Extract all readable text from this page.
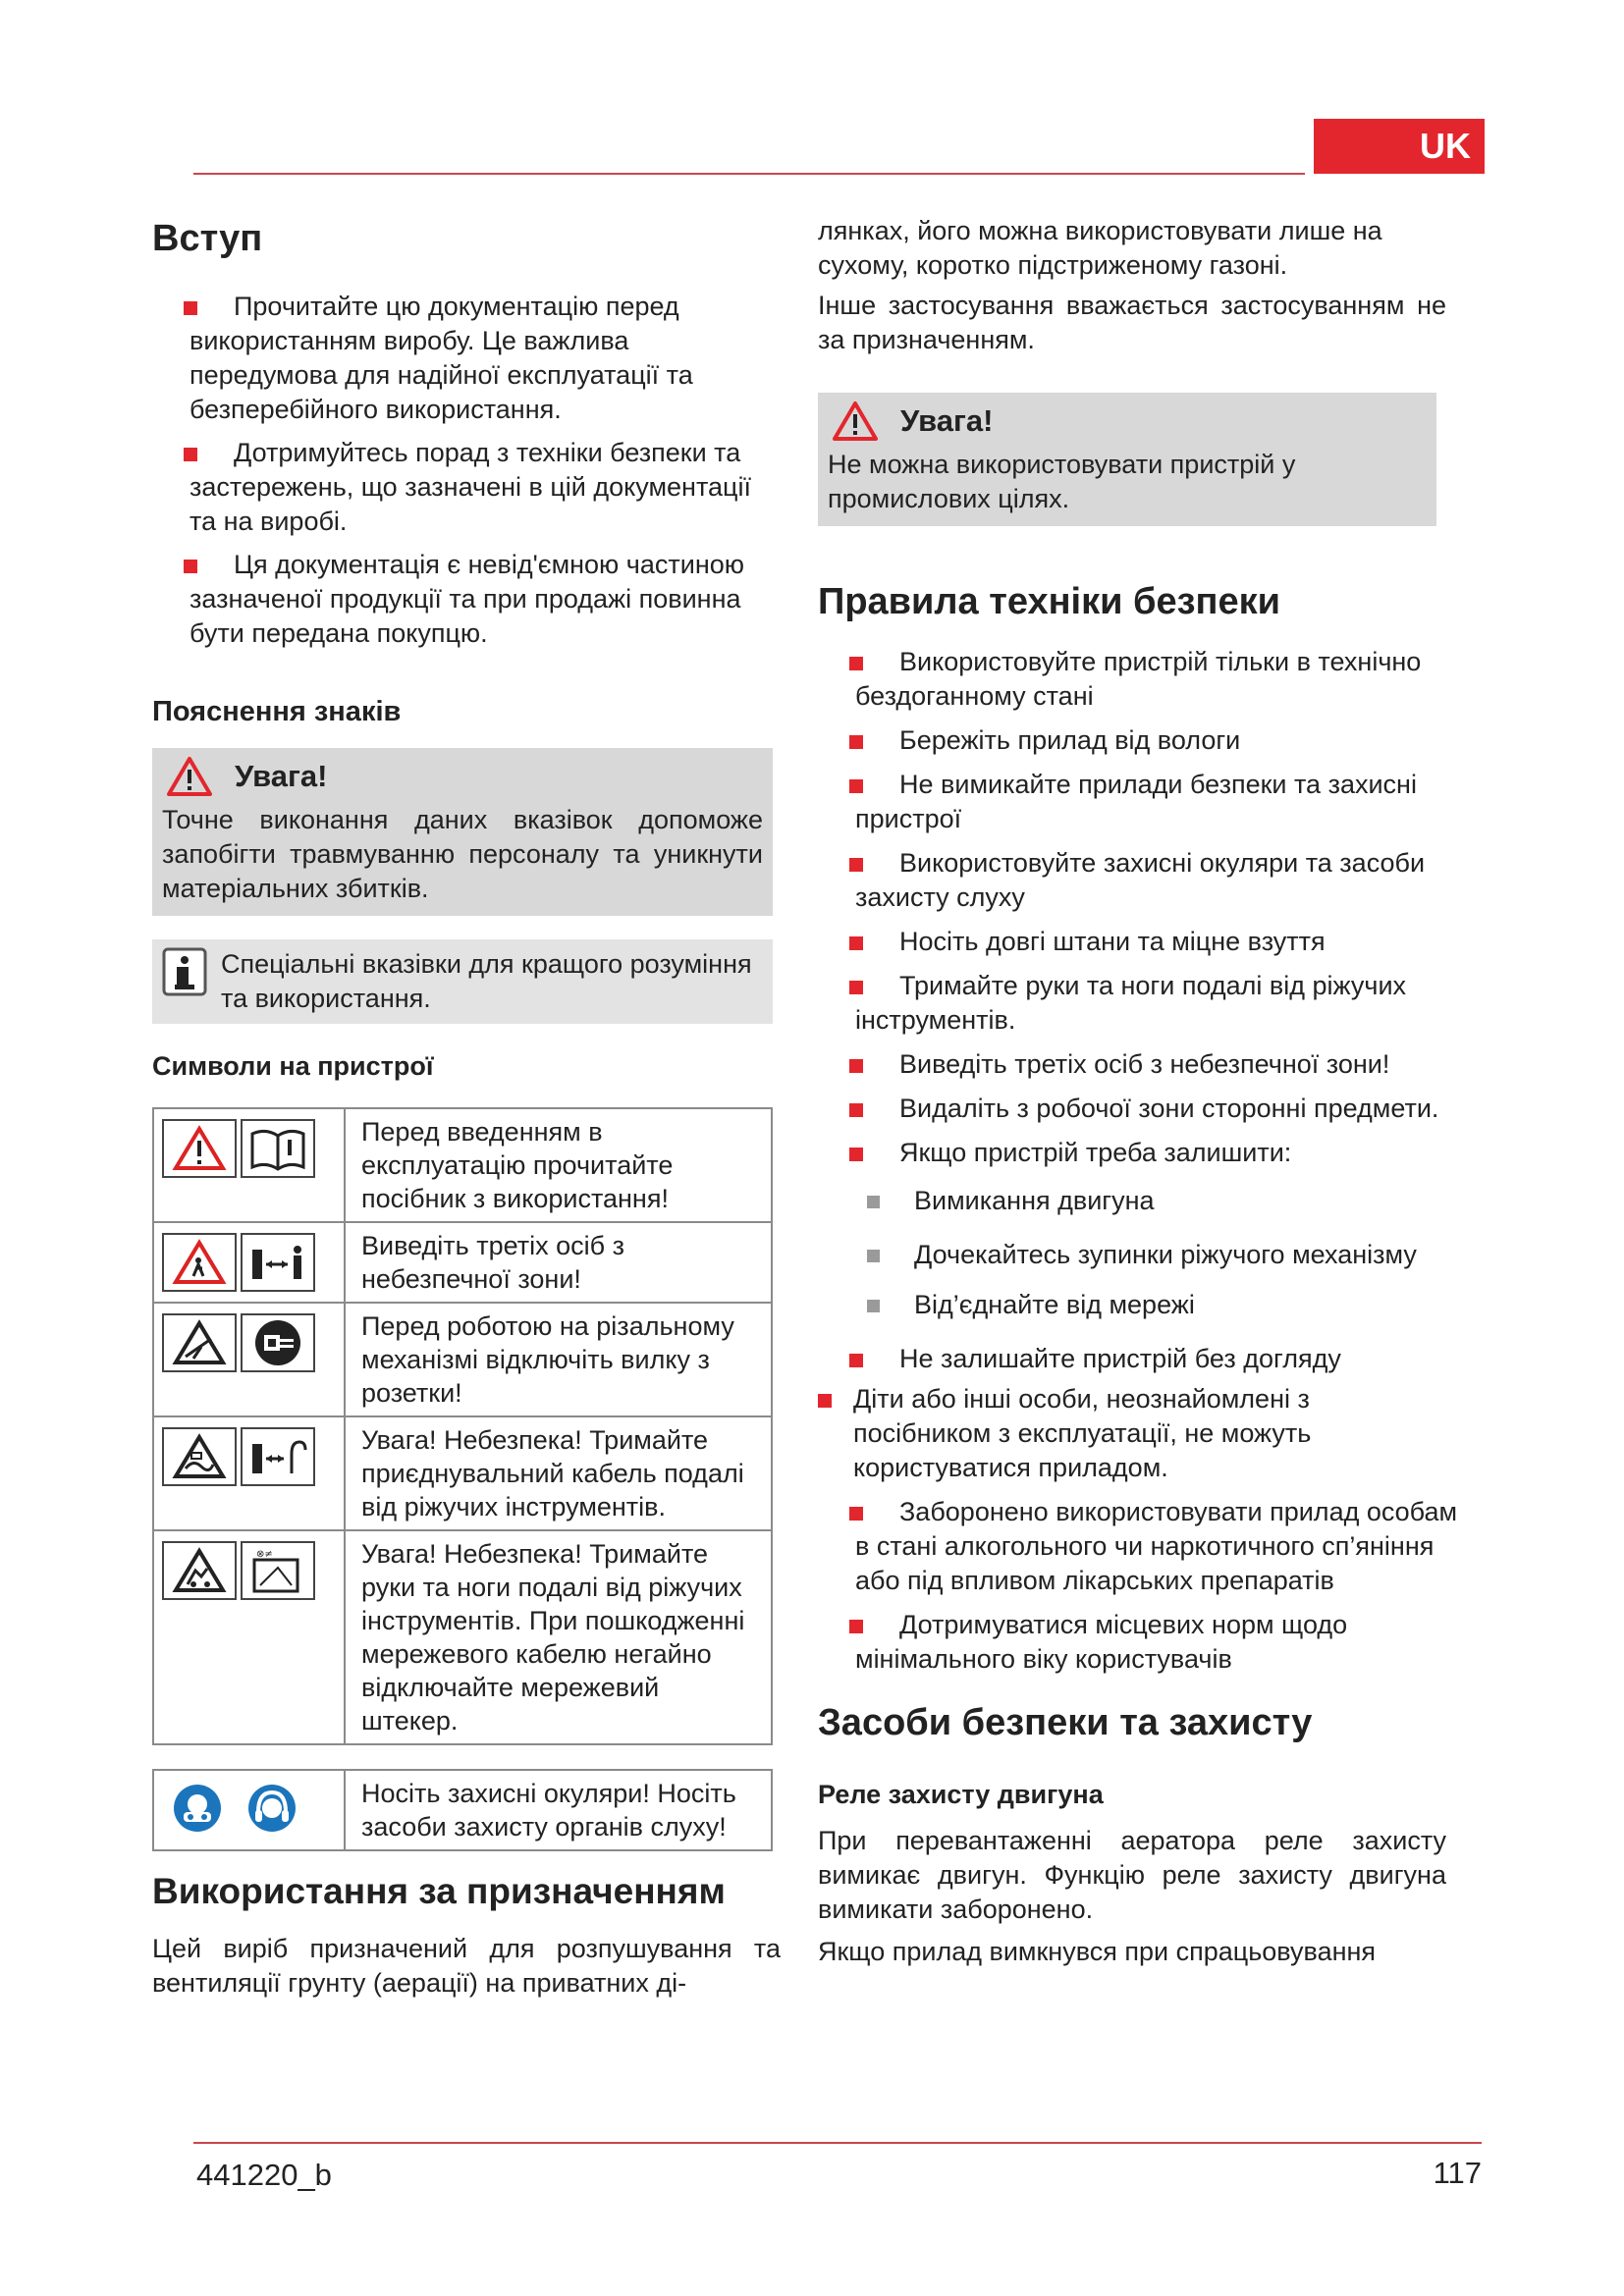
UK
Вступ
Прочитайте цю документацію перед використанням виробу. Це важлива передумова для надійної експлуатації та безперебійного використання.
Дотримуйтесь порад з техніки безпеки та застережень, що зазначені в цій документації та на виробі.
Ця документація є невід'ємною частиною зазначеної продукції та при продажі повинна бути передана покупцю.
Пояснення знаків
Увага!

Точне виконання даних вказівок допоможе запобігти травмуванню персоналу та уникнути матеріальних збитків.

Спеціальні вказівки для кращого розуміння та використання.

Символи на пристрої
	Перед введенням в експлуатацію прочитайте посібник з використання!

	Виведіть третіх осіб з небезпечної зони!

	Перед роботою на різальному механізмі відключіть вилку з розетки!

	Увага! Небезпека! Тримайте приєднувальний кабель подалі від ріжучих інструментів.

⊗≠	Увага! Небезпека! Тримайте руки та ноги подалі від ріжучих інструментів. При пошкодженні мережевого кабелю негайно відключайте мережевий штекер.
	Носіть захисні окуляри! Носіть засоби захисту органів слуху!
Використання за призначенням

Цей виріб призначений для розпушування та вентиляції грунту (аерації) на приватних ді-

лянках, його можна використовувати лише на сухому, коротко підстриженому газоні.

Інше застосування вважається застосуванням не за призначенням.

Увага!

Не можна використовувати пристрій у промислових цілях.

Правила техніки безпеки
Використовуйте пристрій тільки в технічно бездоганному стані
Бережіть прилад від вологи
Не вимикайте прилади безпеки та захисні пристрої
Використовуйте захисні окуляри та засоби захисту слуху
Носіть довгі штани та міцне взуття
Тримайте руки та ноги подалі від ріжучих інструментів.
Виведіть третіх осіб з небезпечної зони!
Видаліть з робочої зони сторонні предмети.
Якщо пристрій треба залишити:
Вимикання двигуна
Дочекайтесь зупинки ріжучого механізму
Від’єднайте від мережі
Не залишайте пристрій без догляду
Діти або інші особи, неознайомлені з посібником з експлуатації, не можуть користуватися приладом.
Заборонено використовувати прилад особам в стані алкогольного чи наркотичного сп’яніння або під впливом лікарських препаратів
Дотримуватися місцевих норм щодо мінімального віку користувачів
Засоби безпеки та захисту
Реле захисту двигуна

При перевантаженні аератора реле захисту вимикає двигун. Функцію реле захисту двигуна вимикати заборонено.

Якщо прилад вимкнувся при спрацьовування

441220_b	117
